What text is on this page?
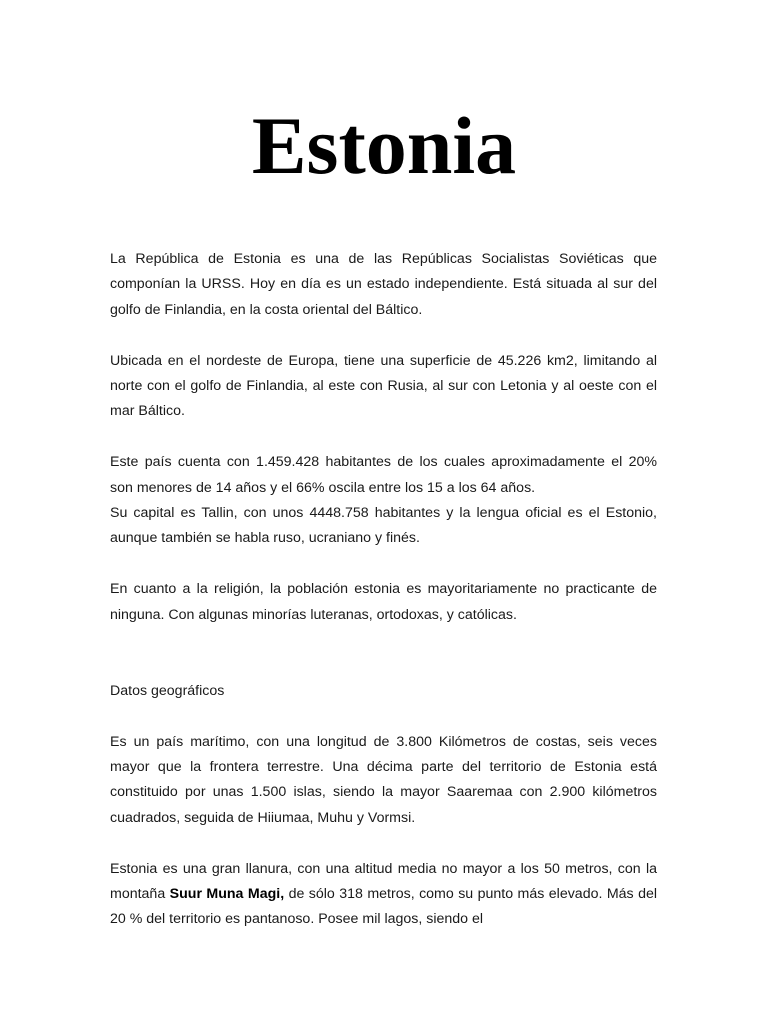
Estonia

La República de Estonia es una de las Repúblicas Socialistas Soviéticas que componían la URSS. Hoy en día es un estado independiente. Está situada al sur del golfo de Finlandia, en la costa oriental del Báltico.

Ubicada en el nordeste de Europa, tiene una superficie de 45.226 km2, limitando al norte con el golfo de Finlandia, al este con Rusia, al sur con Letonia y al oeste con el mar Báltico.

Este país cuenta con 1.459.428 habitantes de los cuales aproximadamente el 20% son menores de 14 años y el 66% oscila entre los 15 a los 64 años.

Su capital es Tallin, con unos 4448.758 habitantes y la lengua oficial es el Estonio, aunque también se habla ruso, ucraniano y finés.

En cuanto a la religión, la población estonia es mayoritariamente no practicante de ninguna. Con algunas minorías luteranas, ortodoxas, y católicas.

Datos geográficos

Es un país marítimo, con una longitud de 3.800 Kilómetros de costas, seis veces mayor que la frontera terrestre. Una décima parte del territorio de Estonia está constituido por unas 1.500 islas, siendo la mayor Saaremaa con 2.900 kilómetros cuadrados, seguida de Hiiumaa, Muhu y Vormsi.

Estonia es una gran llanura, con una altitud media no mayor a los 50 metros, con la montaña Suur Muna Magi, de sólo 318 metros, como su punto más elevado. Más del 20 % del territorio es pantanoso. Posee mil lagos, siendo el
